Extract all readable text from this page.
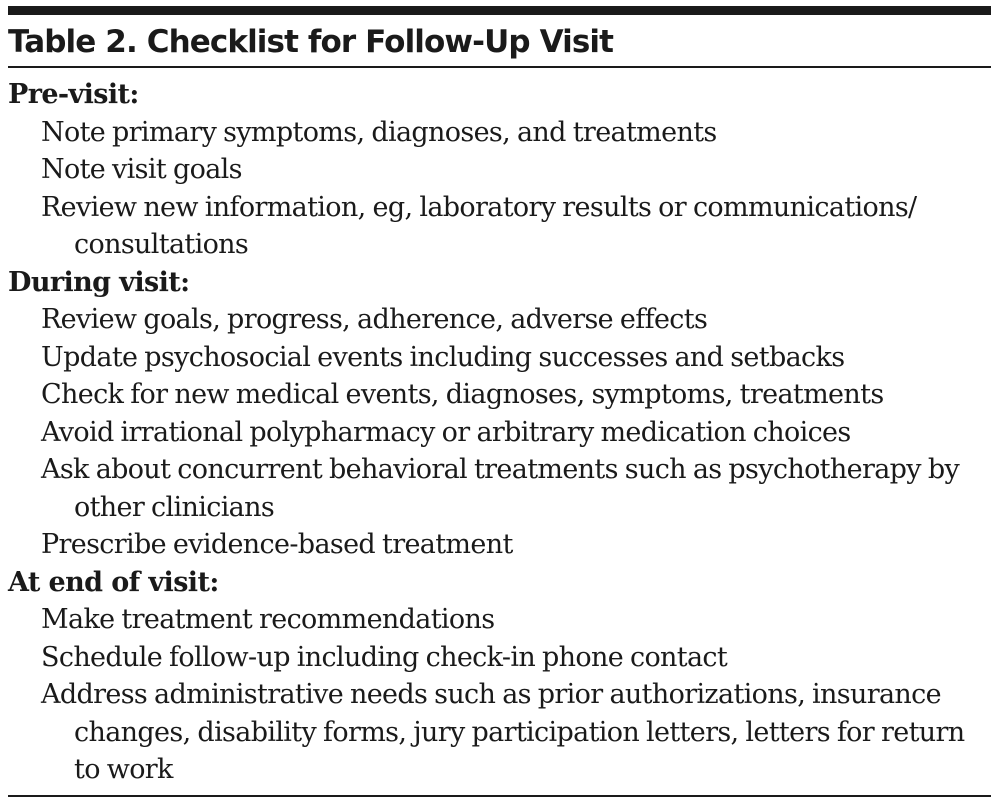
Table 2. Checklist for Follow-Up Visit
Pre-visit:
Note primary symptoms, diagnoses, and treatments
Note visit goals
Review new information, eg, laboratory results or communications/ consultations
During visit:
Review goals, progress, adherence, adverse effects
Update psychosocial events including successes and setbacks
Check for new medical events, diagnoses, symptoms, treatments
Avoid irrational polypharmacy or arbitrary medication choices
Ask about concurrent behavioral treatments such as psychotherapy by other clinicians
Prescribe evidence-based treatment
At end of visit:
Make treatment recommendations
Schedule follow-up including check-in phone contact
Address administrative needs such as prior authorizations, insurance changes, disability forms, jury participation letters, letters for return to work
